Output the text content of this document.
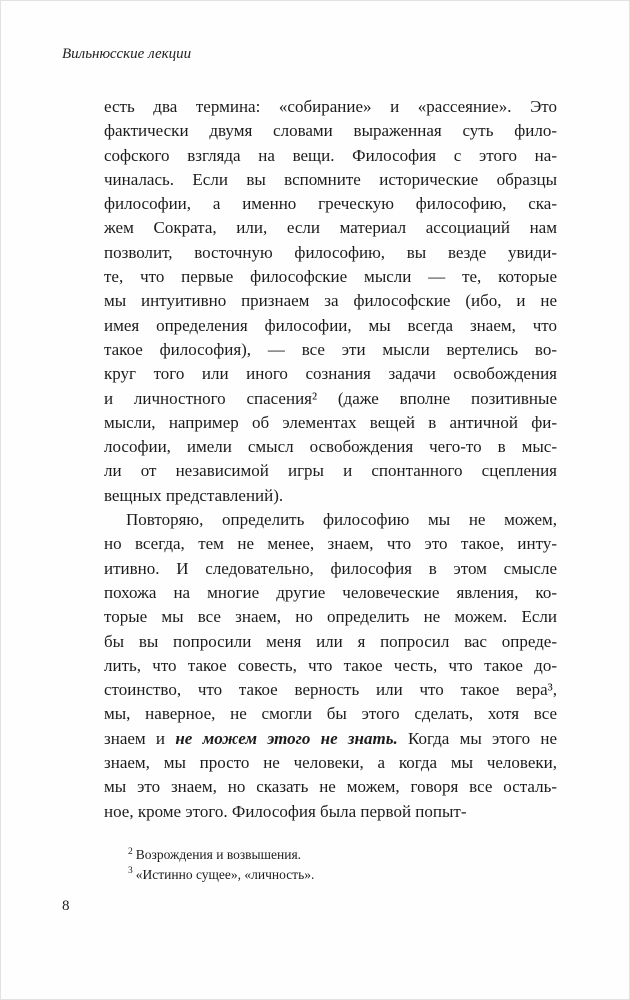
Вильнюсские лекции
есть два термина: «собирание» и «рассеяние». Это
фактически двумя словами выраженная суть фило-
софского взгляда на вещи. Философия с этого на-
чиналась. Если вы вспомните исторические образцы
философии, а именно греческую философию, ска-
жем Сократа, или, если материал ассоциаций нам
позволит, восточную философию, вы везде увиди-
те, что первые философские мысли — те, которые
мы интуитивно признаем за философские (ибо, и не
имея определения философии, мы всегда знаем, что
такое философия), — все эти мысли вертелись во-
круг того или иного сознания задачи освобождения
и личностного спасения² (даже вполне позитивные
мысли, например об элементах вещей в античной фи-
лософии, имели смысл освобождения чего-то в мыс-
ли от независимой игры и спонтанного сцепления
вещных представлений).
Повторяю, определить философию мы не можем,
но всегда, тем не менее, знаем, что это такое, инту-
итивно. И следовательно, философия в этом смысле
похожа на многие другие человеческие явления, ко-
торые мы все знаем, но определить не можем. Если
бы вы попросили меня или я попросил вас опреде-
лить, что такое совесть, что такое честь, что такое до-
стоинство, что такое верность или что такое вера³,
мы, наверное, не смогли бы этого сделать, хотя все
знаем и не можем этого не знать. Когда мы этого не
знаем, мы просто не человеки, а когда мы человеки,
мы это знаем, но сказать не можем, говоря все осталь-
ное, кроме этого. Философия была первой попыт-
$^2$ Возрождения и возвышения.
$^3$ «Истинно сущее», «личность».
8
